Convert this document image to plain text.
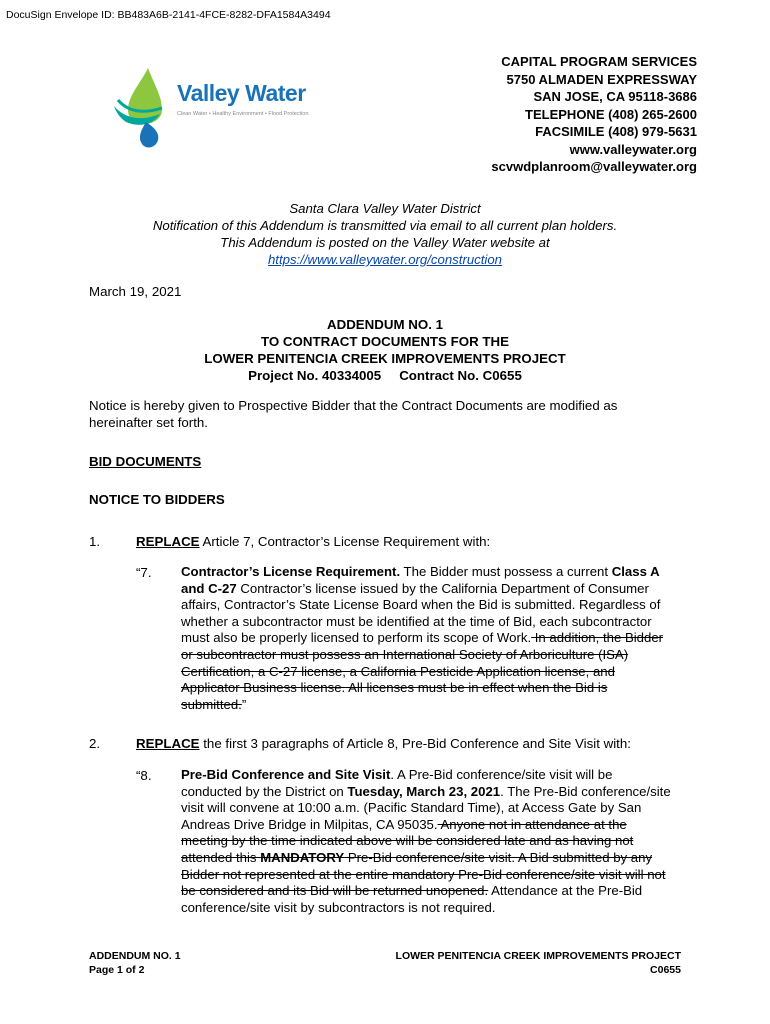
DocuSign Envelope ID: BB483A6B-2141-4FCE-8282-DFA1584A3494
Valley Water
Clean Water • Healthy Environment • Flood Protection
CAPITAL PROGRAM SERVICES
5750 ALMADEN EXPRESSWAY
SAN JOSE, CA 95118-3686
TELEPHONE (408) 265-2600
FACSIMILE (408) 979-5631
www.valleywater.org
scvwdplanroom@valleywater.org
Santa Clara Valley Water District
Notification of this Addendum is transmitted via email to all current plan holders.
This Addendum is posted on the Valley Water website at
https://www.valleywater.org/construction
March 19, 2021
ADDENDUM NO. 1
TO CONTRACT DOCUMENTS FOR THE
LOWER PENITENCIA CREEK IMPROVEMENTS PROJECT
Project No. 40334005 Contract No. C0655
Notice is hereby given to Prospective Bidder that the Contract Documents are modified as
hereinafter set forth.
BID DOCUMENTS
NOTICE TO BIDDERS
1.	REPLACE Article 7, Contractor’s License Requirement with:
“7. Contractor’s License Requirement. The Bidder must possess a current Class A and C-27 Contractor’s license issued by the California Department of Consumer affairs, Contractor’s State License Board when the Bid is submitted. Regardless of whether a subcontractor must be identified at the time of Bid, each subcontractor must also be properly licensed to perform its scope of Work. In addition, the Bidder or subcontractor must possess an International Society of Arboriculture (ISA) Certification, a C-27 license, a California Pesticide Application license, and Applicator Business license. All licenses must be in effect when the Bid is submitted.”
2.	REPLACE the first 3 paragraphs of Article 8, Pre-Bid Conference and Site Visit with:
“8. Pre-Bid Conference and Site Visit. A Pre-Bid conference/site visit will be conducted by the District on Tuesday, March 23, 2021. The Pre-Bid conference/site visit will convene at 10:00 a.m. (Pacific Standard Time), at Access Gate by San Andreas Drive Bridge in Milpitas, CA 95035. Anyone not in attendance at the meeting by the time indicated above will be considered late and as having not attended this MANDATORY Pre-Bid conference/site visit. A Bid submitted by any Bidder not represented at the entire mandatory Pre-Bid conference/site visit will not be considered and its Bid will be returned unopened. Attendance at the Pre-Bid conference/site visit by subcontractors is not required.
ADDENDUM NO. 1
Page 1 of 2
LOWER PENITENCIA CREEK IMPROVEMENTS PROJECT
C0655
